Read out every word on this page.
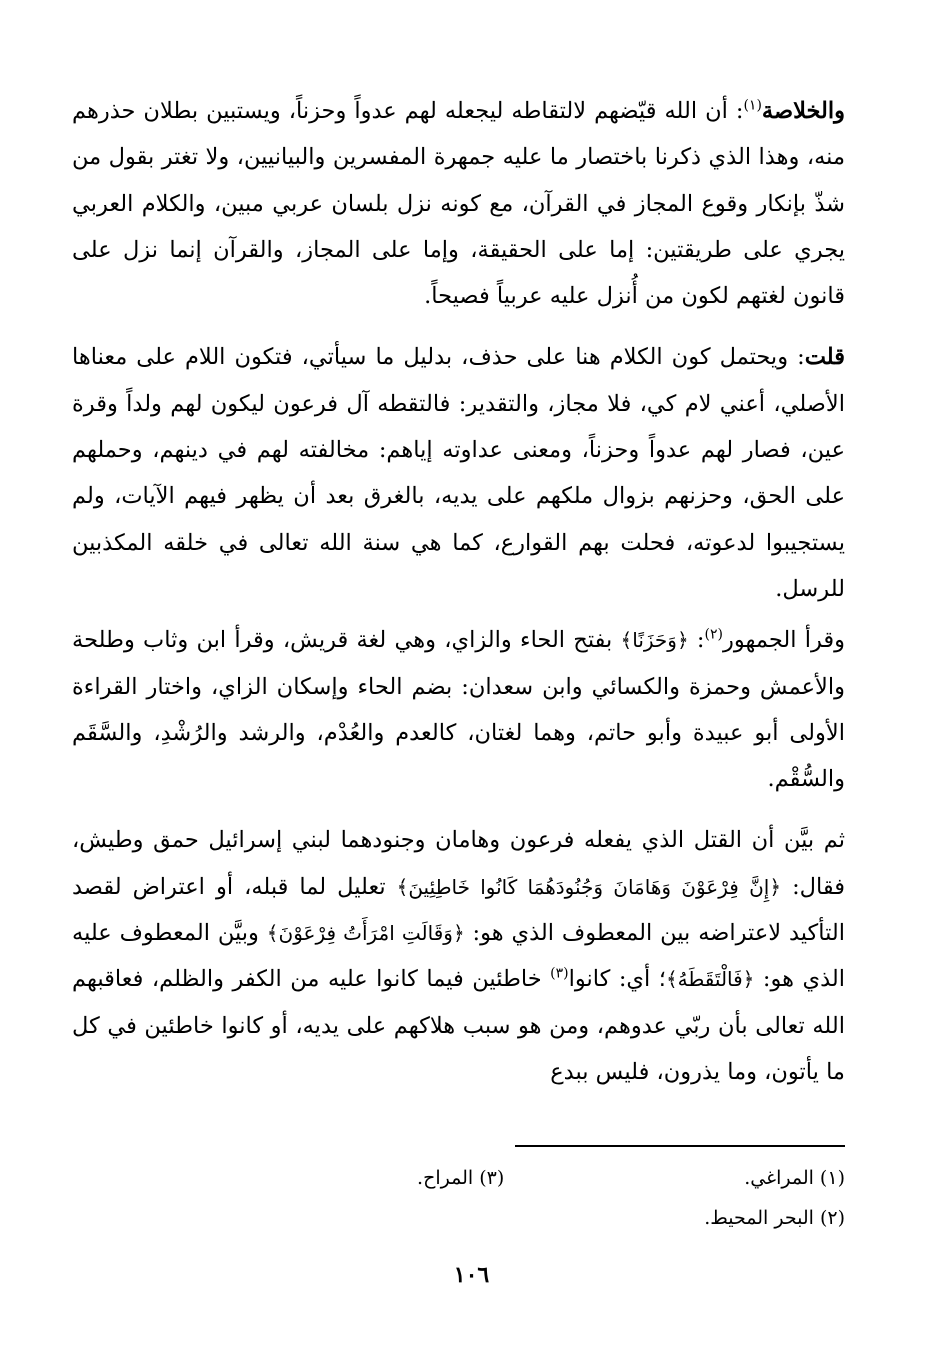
والخلاصة$^{(١)}$: أن الله قيّضهم لالتقاطه ليجعله لهم عدواً وحزناً، ويستبين بطلان حذرهم منه، وهذا الذي ذكرنا باختصار ما عليه جمهرة المفسرين والبيانيين، ولا تغتر بقول من شذّ بإنكار وقوع المجاز في القرآن، مع كونه نزل بلسان عربي مبين، والكلام العربي يجري على طريقتين: إما على الحقيقة، وإما على المجاز، والقرآن إنما نزل على قانون لغتهم لكون من أُنزل عليه عربياً فصيحاً.

قلت: ويحتمل كون الكلام هنا على حذف، بدليل ما سيأتي، فتكون اللام على معناها الأصلي، أعني لام كي، فلا مجاز، والتقدير: فالتقطه آل فرعون ليكون لهم ولداً وقرة عين، فصار لهم عدواً وحزناً، ومعنى عداوته إياهم: مخالفته لهم في دينهم، وحملهم على الحق، وحزنهم بزوال ملكهم على يديه، بالغرق بعد أن يظهر فيهم الآيات، ولم يستجيبوا لدعوته، فحلت بهم القوارع، كما هي سنة الله تعالى في خلقه المكذبين للرسل.

وقرأ الجمهور$^{(٢)}$: ﴿وَحَزَنًا﴾ بفتح الحاء والزاي، وهي لغة قريش، وقرأ ابن وثاب وطلحة والأعمش وحمزة والكسائي وابن سعدان: بضم الحاء وإسكان الزاي، واختار القراءة الأولى أبو عبيدة وأبو حاتم، وهما لغتان، كالعدم والعُدْم، والرشد والرُشْدِ، والسَّقَم والسُّقْم.

ثم بيَّن أن القتل الذي يفعله فرعون وهامان وجنودهما لبني إسرائيل حمق وطيش، فقال: ﴿إِنَّ فِرْعَوْنَ وَهَامَانَ وَجُنُودَهُمَا كَانُوا خَاطِئِينَ﴾ تعليل لما قبله، أو اعتراض لقصد التأكيد لاعتراضه بين المعطوف الذي هو: ﴿وَقَالَتِ امْرَأَتُ فِرْعَوْنَ﴾ وبيَّن المعطوف عليه الذي هو: ﴿فَالْتَقَطَهُ﴾؛ أي: كانوا$^{(٣)}$ خاطئين فيما كانوا عليه من الكفر والظلم، فعاقبهم الله تعالى بأن ربّي عدوهم، ومن هو سبب هلاكهم على يديه، أو كانوا خاطئين في كل ما يأتون، وما يذرون، فليس ببدع

(١) المراغي.
(٣) المراح.
(٢) البحر المحيط.
١٠٦
